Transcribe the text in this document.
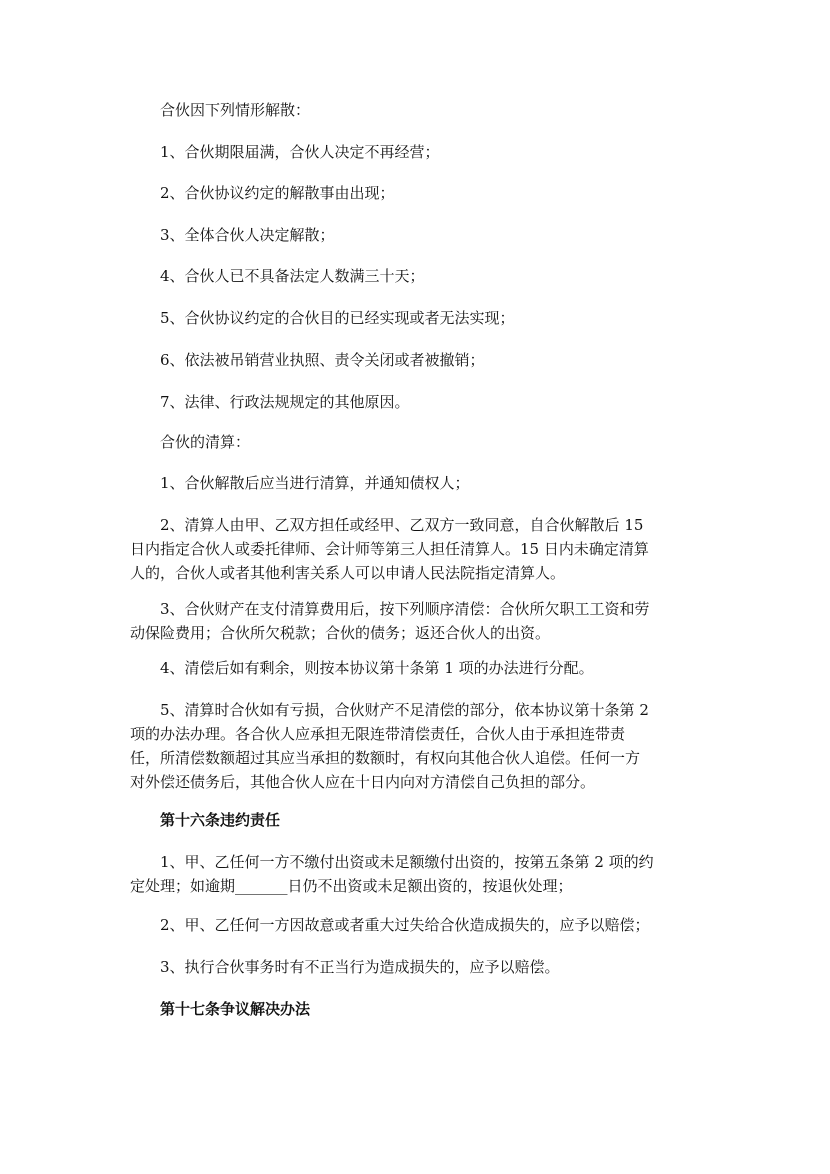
合伙因下列情形解散：
1、合伙期限届满，合伙人决定不再经营；
2、合伙协议约定的解散事由出现；
3、全体合伙人决定解散；
4、合伙人已不具备法定人数满三十天；
5、合伙协议约定的合伙目的已经实现或者无法实现；
6、依法被吊销营业执照、责令关闭或者被撤销；
7、法律、行政法规规定的其他原因。
合伙的清算：
1、合伙解散后应当进行清算，并通知债权人；
2、清算人由甲、乙双方担任或经甲、乙双方一致同意，自合伙解散后 15
日内指定合伙人或委托律师、会计师等第三人担任清算人。15 日内未确定清算
人的，合伙人或者其他利害关系人可以申请人民法院指定清算人。
3、合伙财产在支付清算费用后，按下列顺序清偿：合伙所欠职工工资和劳
动保险费用；合伙所欠税款；合伙的债务；返还合伙人的出资。
4、清偿后如有剩余，则按本协议第十条第 1 项的办法进行分配。
5、清算时合伙如有亏损，合伙财产不足清偿的部分，依本协议第十条第 2
项的办法办理。各合伙人应承担无限连带清偿责任，合伙人由于承担连带责
任，所清偿数额超过其应当承担的数额时，有权向其他合伙人追偿。任何一方
对外偿还债务后，其他合伙人应在十日内向对方清偿自己负担的部分。
第十六条违约责任
1、甲、乙任何一方不缴付出资或未足额缴付出资的，按第五条第 2 项的约
定处理；如逾期_______日仍不出资或未足额出资的，按退伙处理；
2、甲、乙任何一方因故意或者重大过失给合伙造成损失的，应予以赔偿；
3、执行合伙事务时有不正当行为造成损失的，应予以赔偿。
第十七条争议解决办法
